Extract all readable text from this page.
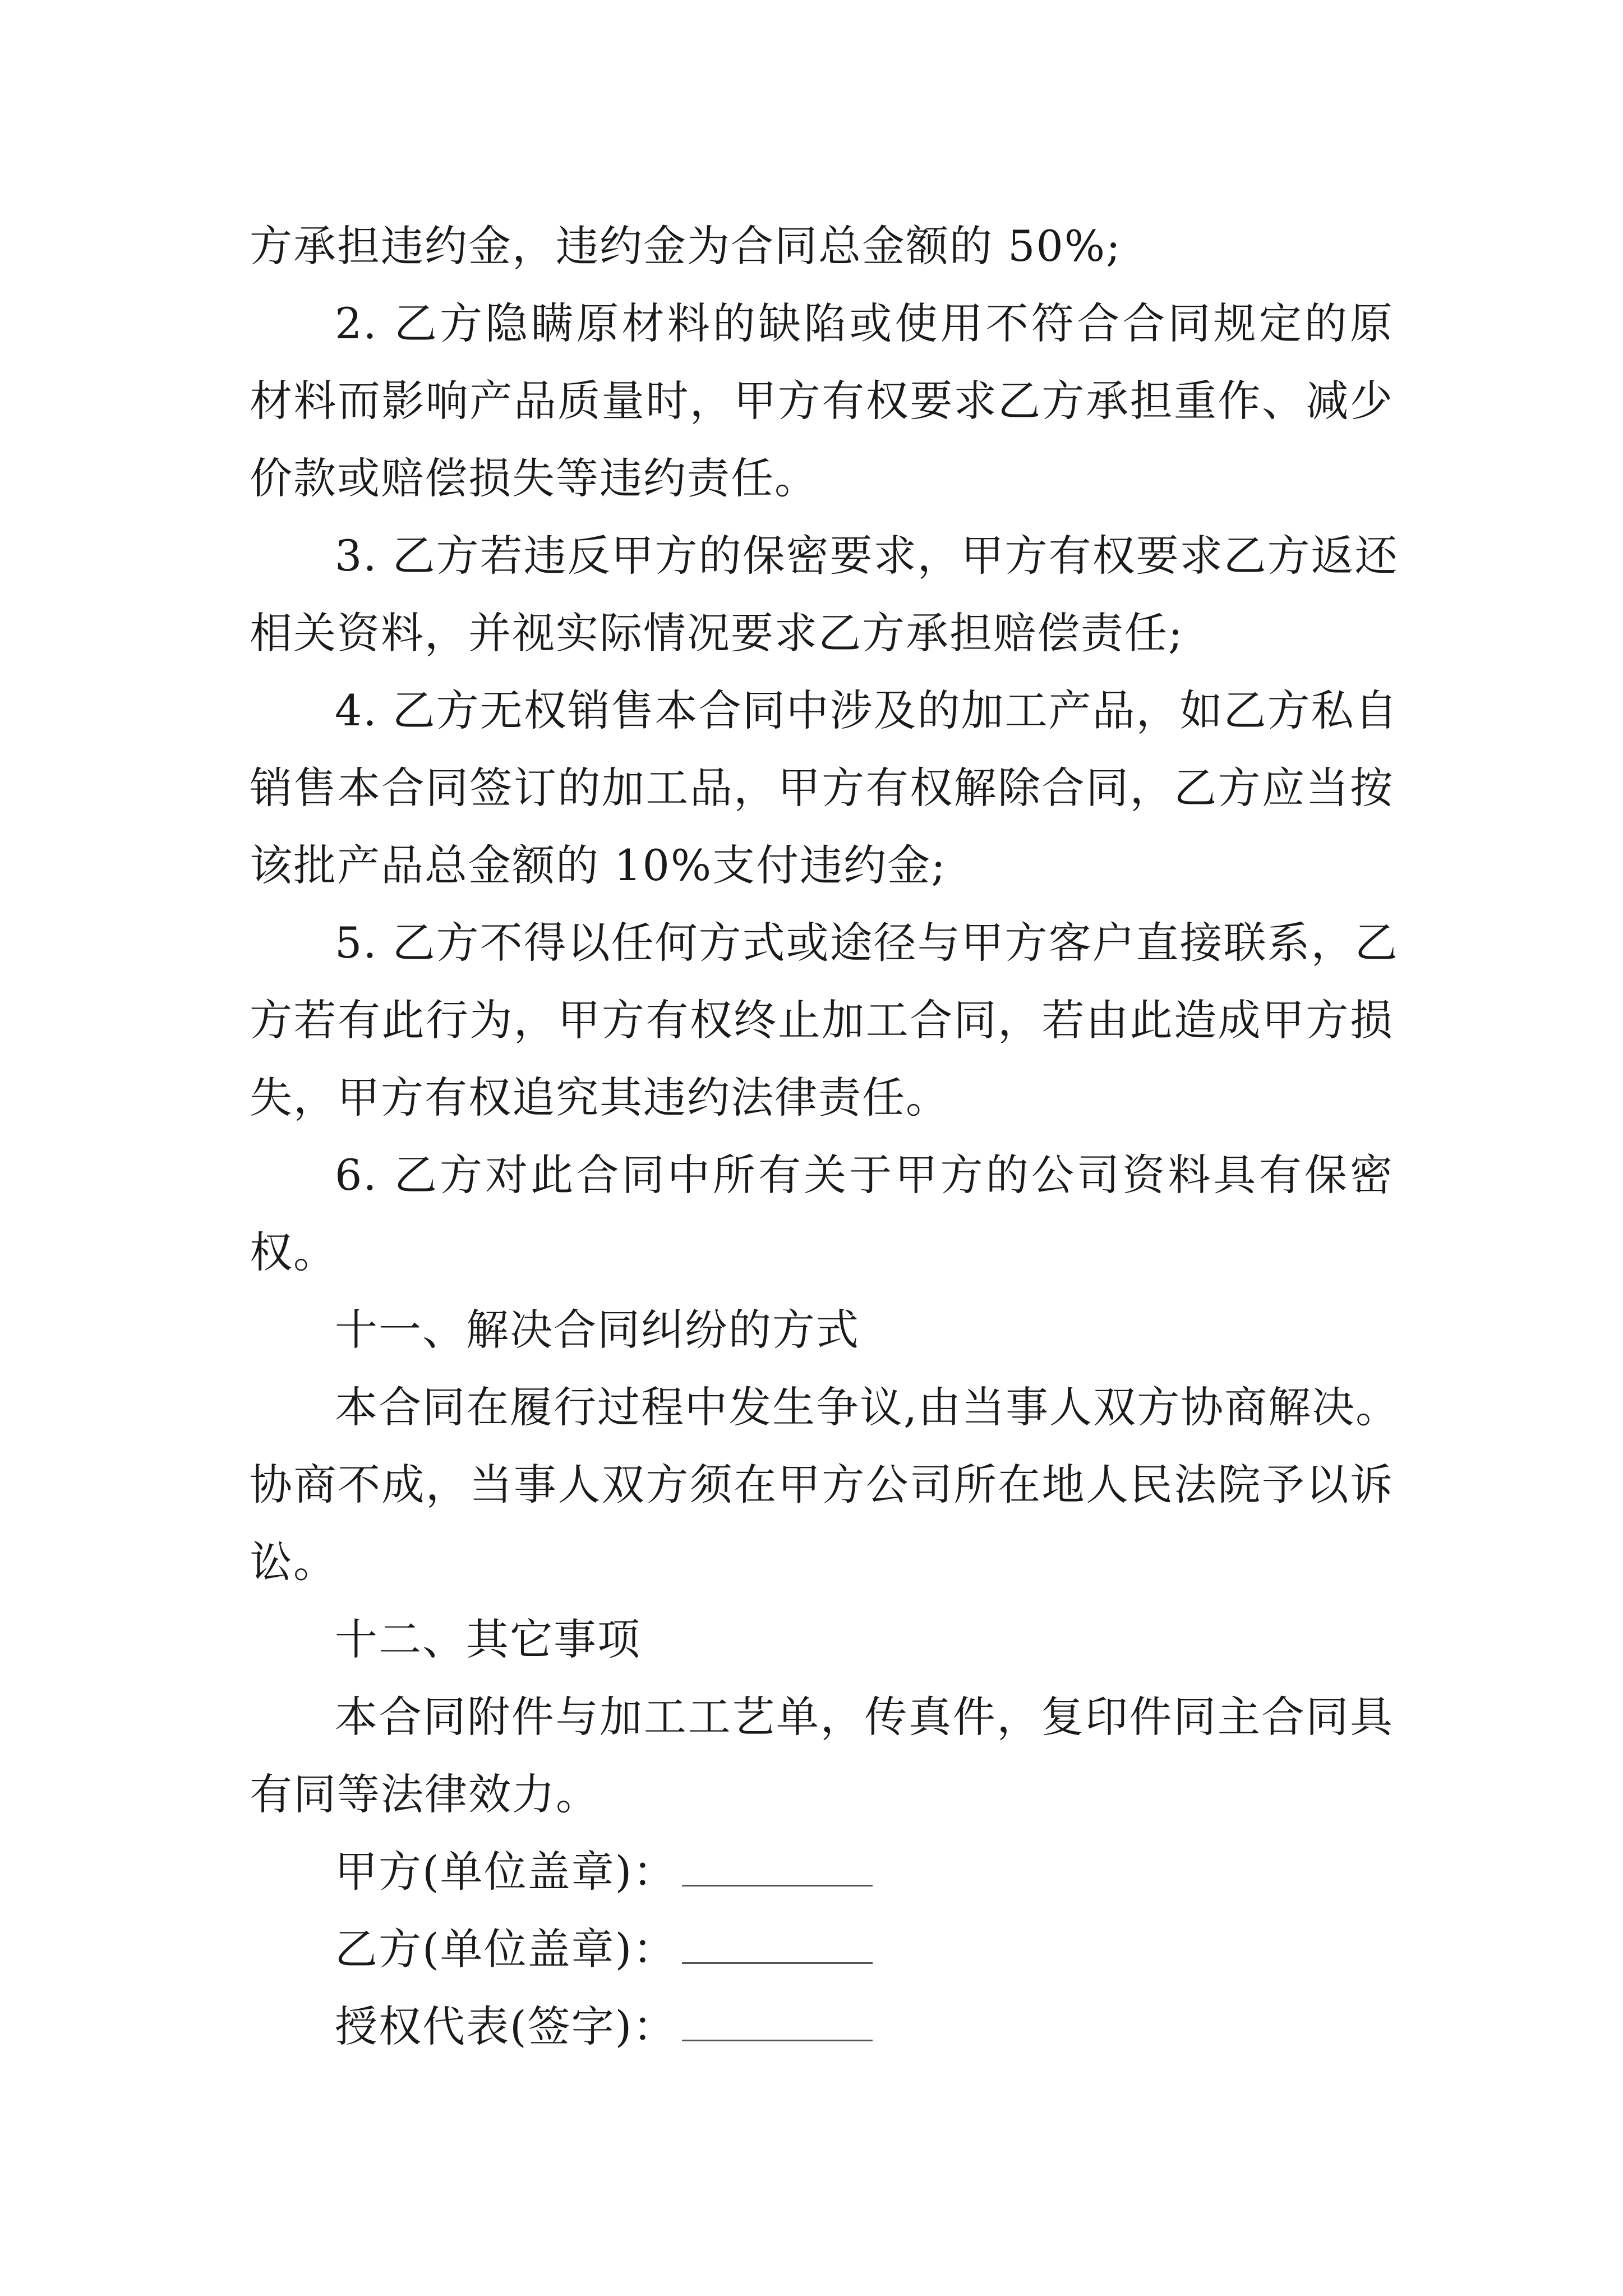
方承担违约金，违约金为合同总金额的 50%;
2. 乙方隐瞒原材料的缺陷或使用不符合合同规定的原
材料而影响产品质量时，甲方有权要求乙方承担重作、减少
价款或赔偿损失等违约责任。
3. 乙方若违反甲方的保密要求，甲方有权要求乙方返还
相关资料，并视实际情况要求乙方承担赔偿责任;
4. 乙方无权销售本合同中涉及的加工产品，如乙方私自
销售本合同签订的加工品，甲方有权解除合同，乙方应当按
该批产品总金额的 10%支付违约金;
5. 乙方不得以任何方式或途径与甲方客户直接联系，乙
方若有此行为，甲方有权终止加工合同，若由此造成甲方损
失，甲方有权追究其违约法律责任。
6. 乙方对此合同中所有关于甲方的公司资料具有保密
权。
十一、解决合同纠纷的方式
本合同在履行过程中发生争议,由当事人双方协商解决。
协商不成，当事人双方须在甲方公司所在地人民法院予以诉
讼。
十二、其它事项
本合同附件与加工工艺单，传真件，复印件同主合同具
有同等法律效力。
甲方(单位盖章)：
乙方(单位盖章)：
授权代表(签字)：
